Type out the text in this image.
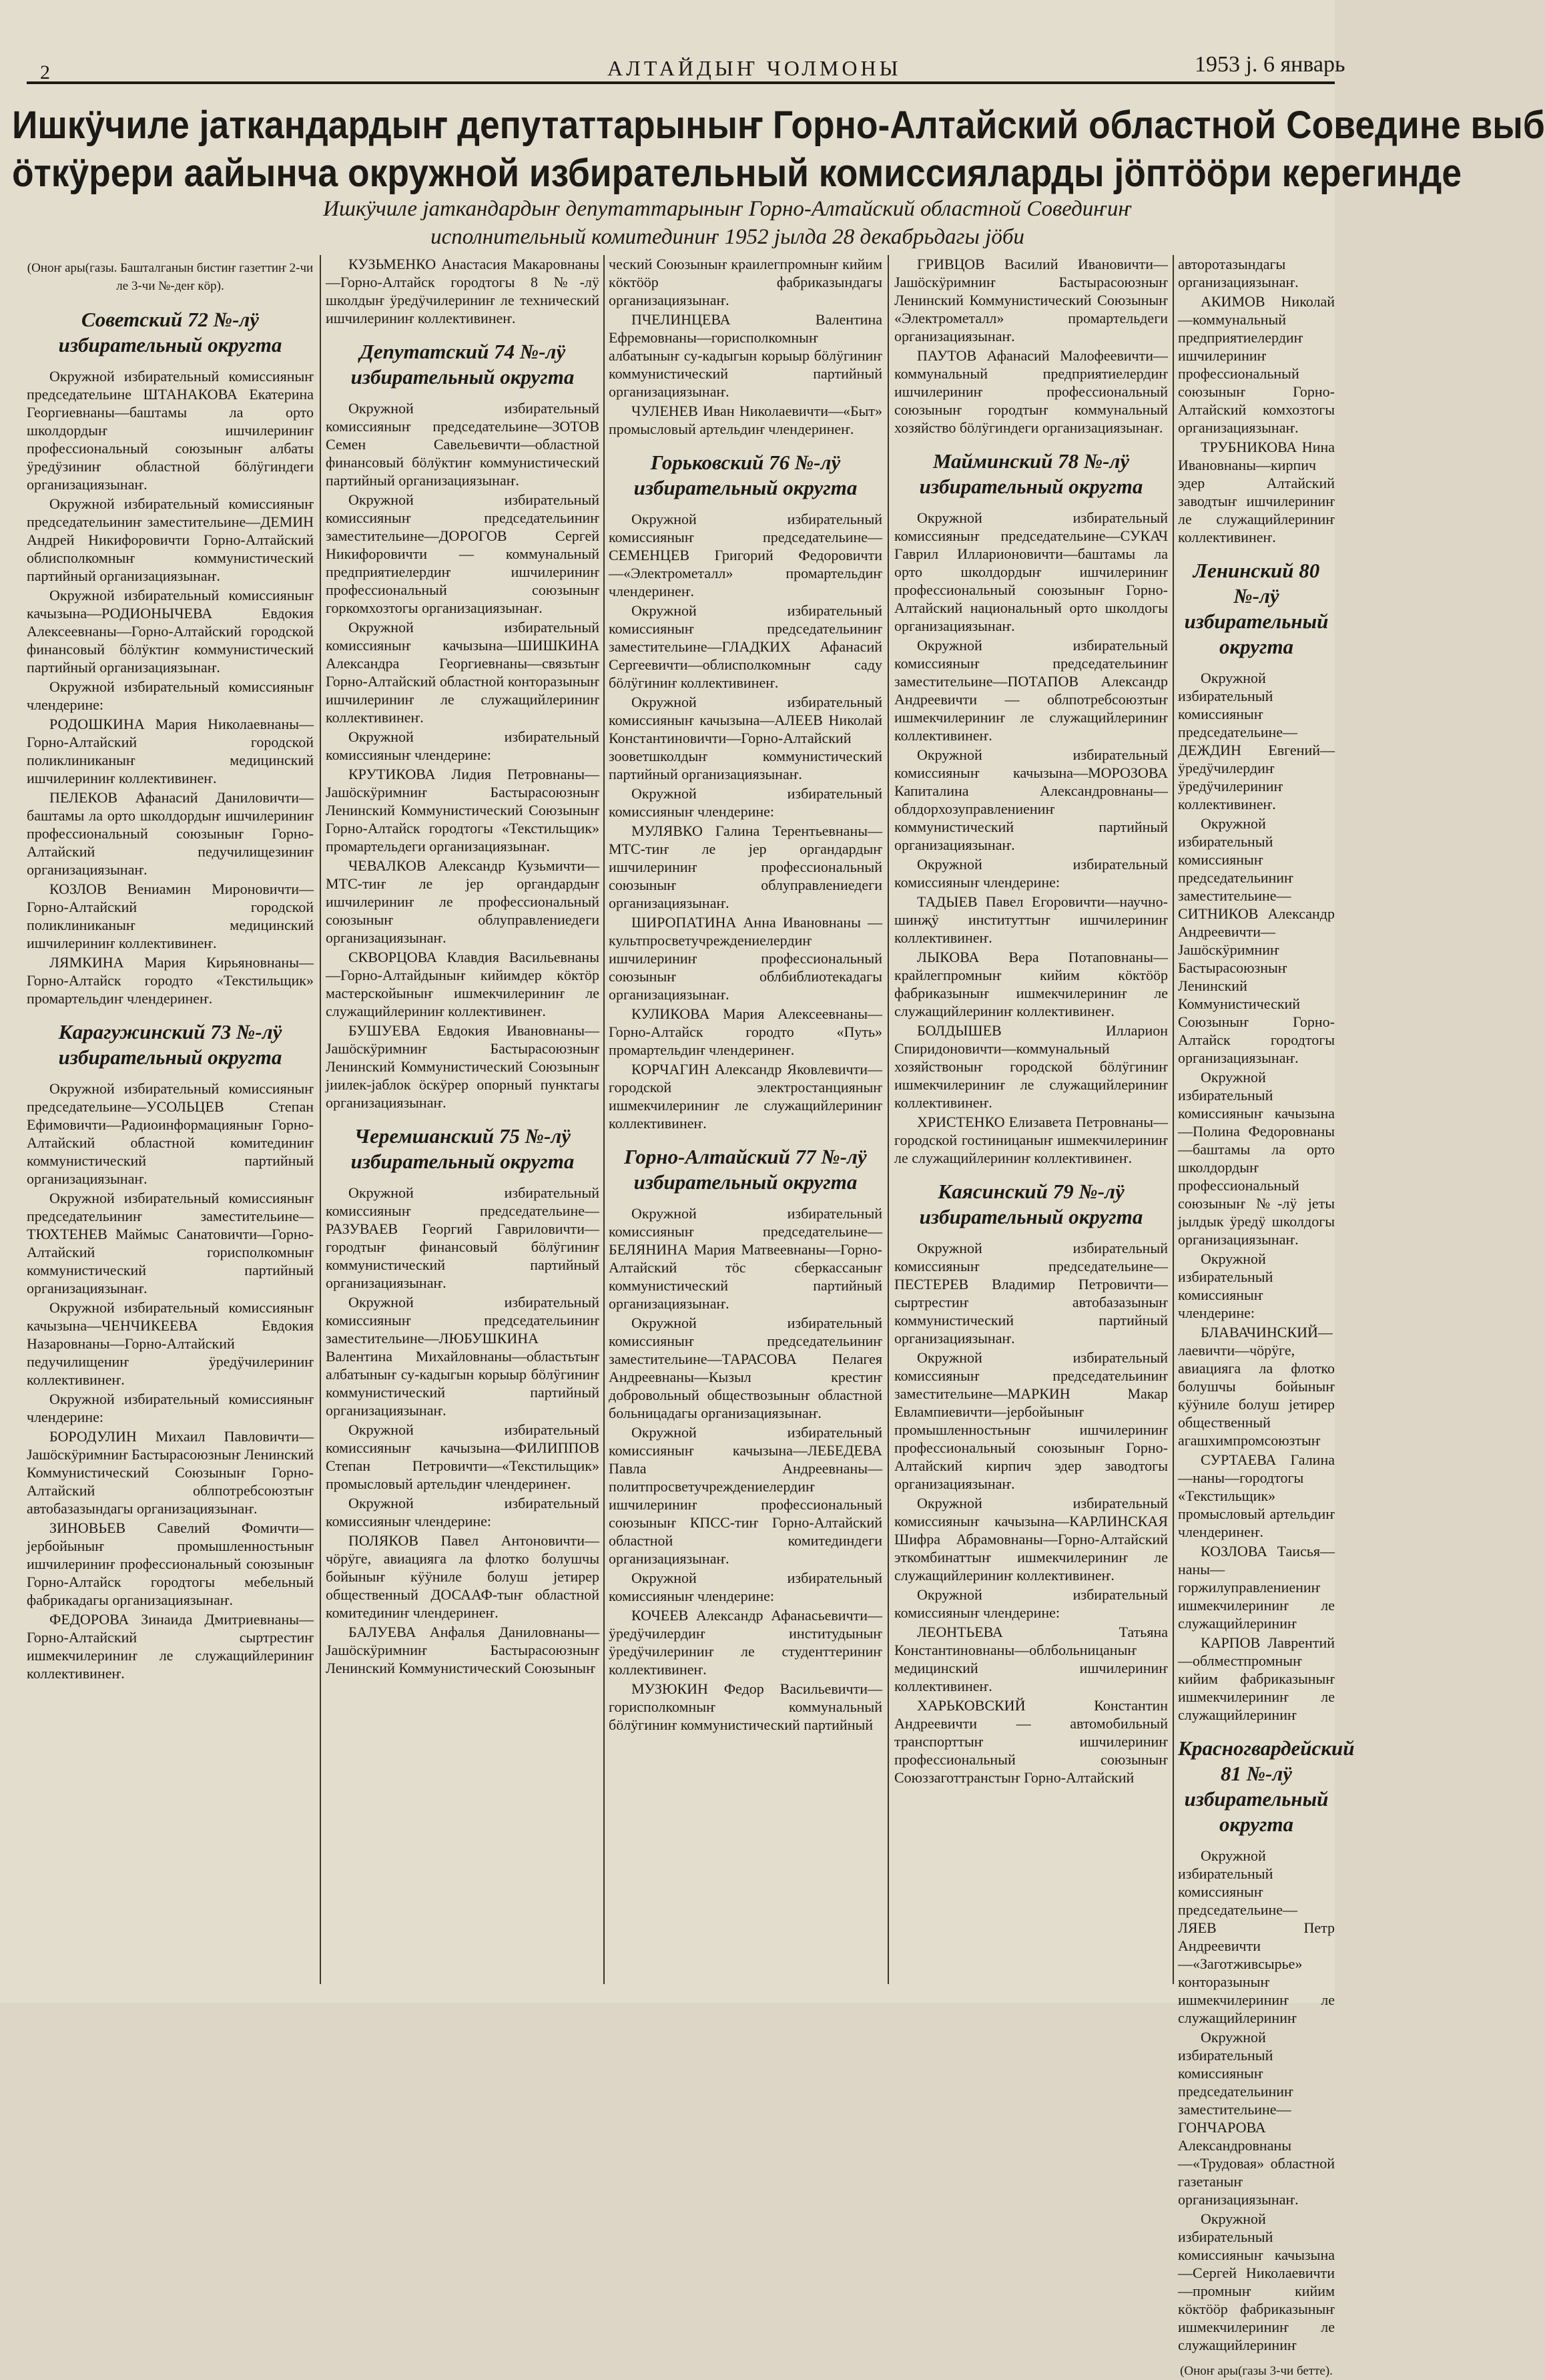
2	АЛТАЙДЫҤ ЧОЛМОНЫ	1953 ј. 6 январь
Ишкӱчиле јаткандардыҥ депутаттарыныҥ Горно-Алтайский областной Соведине выб
ӧткӱрери аайынча окружной избирательный комиссияларды јӧптӧӧри керегинде
Ишкӱчиле јаткандардыҥ депутаттарыныҥ Горно-Алтайский областной Соведиҥиҥ
исполнительный комитединиҥ 1952 јылда 28 декабрьдагы јӧби
(Оноҥ ары(газы. Башталганын бистиҥ газеттиҥ 2-чи ле 3-чи №-деҥ кӧр).
Советский 72 №-лӱ избирательный округта

Окружной избирательный комиссияныҥ председательине ШТАНАКОВА Екатерина Георгиевнаны—баштамы ла орто школдордыҥ ишчилериниҥ профессиональный союзыныҥ албаты ӱредӱзиниҥ областной бӧлӱгиндеги организациязынаҥ.

Окружной избирательный комиссияныҥ председательиниҥ заместительине—ДЕМИН Андрей Никифоровичти Горно-Алтайский облисполкомныҥ коммунистический партийный организациязынаҥ.

Окружной избирательный комиссияныҥ качызына—РОДИОНЫЧЕВА Евдокия Алексеевнаны—Горно-Алтайский городской финансовый бӧлӱктиҥ коммунистический партийный организациязынаҥ.

Окружной избирательный комиссияныҥ члендерине:

РОДОШКИНА Мария Николаевнаны—Горно-Алтайский городской поликлиниканыҥ медицинский ишчилериниҥ коллективинеҥ.

ПЕЛЕКОВ Афанасий Даниловичти—баштамы ла орто школдордыҥ ишчилериниҥ профессиональный союзыныҥ Горно-Алтайский педучилищезиниҥ организациязынаҥ.

КОЗЛОВ Вениамин Мироновичти—Горно-Алтайский городской поликлиниканыҥ медицинский ишчилериниҥ коллективинеҥ.

ЛЯМКИНА Мария Кирьяновнаны—Горно-Алтайск городто «Текстильщик» промартельдиҥ члендеринеҥ.

Карагужинский 73 №-лӱ избирательный округта

Окружной избирательный комиссияныҥ председательине—УСОЛЬЦЕВ Степан Ефимовичти—Радиоинформацияныҥ Горно-Алтайский областной комитединиҥ коммунистический партийный организациязынаҥ.

Окружной избирательный комиссияныҥ председательиниҥ заместительине—ТЮХТЕНЕВ Маймыс Санатовичти—Горно-Алтайский горисполкомныҥ коммунистический партийный организациязынаҥ.

Окружной избирательный комиссияныҥ качызына—ЧЕНЧИКЕЕВА Евдокия Назаровнаны—Горно-Алтайский педучилищениҥ ӱредӱчилериниҥ коллективинеҥ.

Окружной избирательный комиссияныҥ члендерине:

БОРОДУЛИН Михаил Павловичти—Јашӧскӱримниҥ Бастырасоюзныҥ Ленинский Коммунистический Союзыныҥ Горно-Алтайский облпотребсоюзтыҥ автобазазындагы организациязынаҥ.

ЗИНОВЬЕВ Савелий Фомичти—јербойыныҥ промышленностьныҥ ишчилериниҥ профессиональный союзыныҥ Горно-Алтайск городтогы мебельный фабрикадагы организациязынаҥ.

ФЕДОРОВА Зинаида Дмитриевнаны—Горно-Алтайский сыртрестиҥ ишмекчилериниҥ ле служащийлериниҥ коллективинеҥ.

КУЗЬМЕНКО Анастасия Макаровнаны—Горно-Алтайск городтогы 8 №-лӱ школдыҥ ӱредӱчилериниҥ ле технический ишчилериниҥ коллективинеҥ.

Депутатский 74 №-лӱ избирательный округта

Окружной избирательный комиссияныҥ председательине—ЗОТОВ Семен Савельевичти—областной финансовый бӧлӱктиҥ коммунистический партийный организациязынаҥ.

Окружной избирательный комиссияныҥ председательиниҥ заместительине—ДОРОГОВ Сергей Никифоровичти — коммунальный предприятиелердиҥ ишчилериниҥ профессиональный союзыныҥ горкомхозтогы организациязынаҥ.

Окружной избирательный комиссияныҥ качызына—ШИШКИНА Александра Георгиевнаны—связьтыҥ Горно-Алтайский областной конторазыныҥ ишчилериниҥ ле служащийлериниҥ коллективинеҥ.

Окружной избирательный комиссияныҥ члендерине:

КРУТИКОВА Лидия Петровнаны—Јашӧскӱримниҥ Бастырасоюзныҥ Ленинский Коммунистический Союзыныҥ Горно-Алтайск городтогы «Текстильщик» промартельдеги организациязынаҥ.

ЧЕВАЛКОВ Александр Кузьмичти—МТС-тиҥ ле јер органдардыҥ ишчилериниҥ ле профессиональный союзыныҥ облуправлениедеги организациязынаҥ.

СКВОРЦОВА Клавдия Васильевнаны—Горно-Алтайдыныҥ кийимдер кӧктӧр мастерскойыныҥ ишмекчилериниҥ ле служащийлериниҥ коллективинеҥ.

БУШУЕВА Евдокия Ивановнаны—Јашӧскӱримниҥ Бастырасоюзныҥ Ленинский Коммунистический Союзыныҥ јиилек-јаблок ӧскӱрер опорный пунктагы организациязынаҥ.

Черемшанский 75 №-лӱ избирательный округта

Окружной избирательный комиссияныҥ председательине—РАЗУВАЕВ Георгий Гавриловичти—городтыҥ финансовый бӧлӱгиниҥ коммунистический партийный организациязынаҥ.

Окружной избирательный комиссияныҥ председательиниҥ заместительине—ЛЮБУШКИНА Валентина Михайловнаны—областьтыҥ албатыныҥ су-кадыгын корыыр бӧлӱгиниҥ коммунистический партийный организациязынаҥ.

Окружной избирательный комиссияныҥ качызына—ФИЛИППОВ Степан Петровичти—«Текстильщик» промысловый артельдиҥ члендеринеҥ.

Окружной избирательный комиссияныҥ члендерине:

ПОЛЯКОВ Павел Антоновичти—чӧрӱге, авиацияга ла флотко болушчы бойыныҥ кӱӱниле болуш јетирер общественный ДОСААФ-тыҥ областной комитединиҥ члендеринеҥ.

БАЛУЕВА Анфалья Даниловнаны—Јашӧскӱримниҥ Бастырасоюзныҥ Ленинский Коммунистический Союзыныҥ

ческий Союзыныҥ краилегпромныҥ кийим кӧктӧӧр фабриказындагы организациязынаҥ.

ПЧЕЛИНЦЕВА Валентина Ефремовнаны—горисполкомныҥ албатыныҥ су-кадыгын корыыр бӧлӱгиниҥ коммунистический партийный организациязынаҥ.

ЧУЛЕНЕВ Иван Николаевичти—«Быт» промысловый артельдиҥ члендеринеҥ.

Горьковский 76 №-лӱ избирательный округта

Окружной избирательный комиссияныҥ председательине—СЕМЕНЦЕВ Григорий Федоровичти—«Электрометалл» промартельдиҥ члендеринеҥ.

Окружной избирательный комиссияныҥ председательиниҥ заместительине—ГЛАДКИХ Афанасий Сергеевичти—облисполкомныҥ саду бӧлӱгиниҥ коллективинеҥ.

Окружной избирательный комиссияныҥ качызына—АЛЕЕВ Николай Константиновичти—Горно-Алтайский зооветшколдыҥ коммунистический партийный организациязынаҥ.

Окружной избирательный комиссияныҥ члендерине:

МУЛЯВКО Галина Терентьевнаны—МТС-тиҥ ле јер органдардыҥ ишчилериниҥ профессиональный союзыныҥ облуправлениедеги организациязынаҥ.

ШИРОПАТИНА Анна Ивановнаны — культпросветучреждениелердиҥ ишчилериниҥ профессиональный союзыныҥ облбиблиотекадагы организациязынаҥ.

КУЛИКОВА Мария Алексеевнаны—Горно-Алтайск городто «Путь» промартельдиҥ члендеринеҥ.

КОРЧАГИН Александр Яковлевичти—городской электростанцияныҥ ишмекчилериниҥ ле служащийлериниҥ коллективинеҥ.

Горно-Алтайский 77 №-лӱ избирательный округта

Окружной избирательный комиссияныҥ председательине—БЕЛЯНИНА Мария Матвеевнаны—Горно-Алтайский тӧс сберкассаныҥ коммунистический партийный организациязынаҥ.

Окружной избирательный комиссияныҥ председательиниҥ заместительине—ТАРАСОВА Пелагея Андреевнаны—Кызыл крестиҥ добровольный обществозыныҥ областной больницадагы организациязынаҥ.

Окружной избирательный комиссияныҥ качызына—ЛЕБЕДЕВА Павла Андреевнаны—политпросветучреждениелердиҥ ишчилериниҥ профессиональный союзыныҥ КПСС-тиҥ Горно-Алтайский областной комитединдеги организациязынаҥ.

Окружной избирательный комиссияныҥ члендерине:

КОЧЕЕВ Александр Афанасьевичти—ӱредӱчилердиҥ институдыныҥ ӱредӱчилериниҥ ле студенттериниҥ коллективинеҥ.

МУЗЮКИН Федор Васильевичти—горисполкомныҥ коммунальный бӧлӱгиниҥ коммунистический партийный

ГРИВЦОВ Василий Ивановичти—Јашӧскӱримниҥ Бастырасоюзныҥ Ленинский Коммунистический Союзыныҥ «Электрометалл» промартельдеги организациязынаҥ.

ПАУТОВ Афанасий Малофеевичти—коммунальный предприятиелердиҥ ишчилериниҥ профессиональный союзыныҥ городтыҥ коммунальный хозяйство бӧлӱгиндеги организациязынаҥ.

Майминский 78 №-лӱ избирательный округта

Окружной избирательный комиссияныҥ председательине—СУКАЧ Гаврил Илларионовичти—баштамы ла орто школдордыҥ ишчилериниҥ профессиональный союзыныҥ Горно-Алтайский национальный орто школдогы организациязынаҥ.

Окружной избирательный комиссияныҥ председательиниҥ заместительине—ПОТАПОВ Александр Андреевичти — облпотребсоюзтыҥ ишмекчилериниҥ ле служащийлериниҥ коллективинеҥ.

Окружной избирательный комиссияныҥ качызына—МОРОЗОВА Капиталина Александровнаны—облдорхозуправлениениҥ коммунистический партийный организациязынаҥ.

Окружной избирательный комиссияныҥ члендерине:

ТАДЫЕВ Павел Егоровичти—научно-шинҗӱ институттыҥ ишчилериниҥ коллективинеҥ.

ЛЫКОВА Вера Потаповнаны—крайлегпромныҥ кийим кӧктӧӧр фабриказыныҥ ишмекчилериниҥ ле служащийлериниҥ коллективинеҥ.

БОЛДЫШЕВ Илларион Спиридоновичти—коммунальный хозяйствоныҥ городской бӧлӱгиниҥ ишмекчилериниҥ ле служащийлериниҥ коллективинеҥ.

ХРИСТЕНКО Елизавета Петровнаны—городской гостиницаныҥ ишмекчилериниҥ ле служащийлериниҥ коллективинеҥ.

Каясинский 79 №-лӱ избирательный округта

Окружной избирательный комиссияныҥ председательине—ПЕСТЕРЕВ Владимир Петровичти—сыртрестиҥ автобазазыныҥ коммунистический партийный организациязынаҥ.

Окружной избирательный комиссияныҥ председательиниҥ заместительине—МАРКИН Макар Евлампиевичти—јербойыныҥ промышленностьныҥ ишчилериниҥ профессиональный союзыныҥ Горно-Алтайский кирпич эдер заводтогы организациязынаҥ.

Окружной избирательный комиссияныҥ качызына—КАРЛИНСКАЯ Шифра Абрамовнаны—Горно-Алтайский эткомбинаттыҥ ишмекчилериниҥ ле служащийлериниҥ коллективинеҥ.

Окружной избирательный комиссияныҥ члендерине:

ЛЕОНТЬЕВА Татьяна Константиновнаны—облбольницаныҥ медицинский ишчилериниҥ коллективинеҥ.

ХАРЬКОВСКИЙ Константин Андреевичти — автомобильный транспорттыҥ ишчилериниҥ профессиональный союзыныҥ Союззаготтранстыҥ Горно-Алтайский

авторотазындагы организациязынаҥ.

АКИМОВ Николай—коммунальный предприятиелердиҥ ишчилериниҥ профессиональный союзыныҥ Горно-Алтайский комхозтогы организациязынаҥ.

ТРУБНИКОВА Нина Ивановнаны—кирпич эдер Алтайский заводтыҥ ишчилериниҥ ле служащийлериниҥ коллективинеҥ.

Ленинский 80 №-лӱ избирательный округта

Окружной избирательный комиссияныҥ председательине—ДЕЖДИН Евгений—ӱредӱчилердиҥ ӱредӱчилериниҥ коллективинеҥ.

Окружной избирательный комиссияныҥ председательиниҥ заместительине—СИТНИКОВ Александр Андреевичти—Јашӧскӱримниҥ Бастырасоюзныҥ Ленинский Коммунистический Союзыныҥ Горно-Алтайск городтогы организациязынаҥ.

Окружной избирательный комиссияныҥ качызына—Полина Федоровнаны—баштамы ла орто школдордыҥ профессиональный союзыныҥ №-лӱ јеты јылдык ӱредӱ школдогы организациязынаҥ.

Окружной избирательный комиссияныҥ члендерине:

БЛАВАЧИНСКИЙ—лаевичти—чӧрӱге, авиацияга ла флотко болушчы бойыныҥ кӱӱниле болуш јетирер общественный агашхимпромсоюзтыҥ

СУРТАЕВА Галина—наны—городтогы «Текстильщик» промысловый артельдиҥ члендеринеҥ.

КОЗЛОВА Таисья—наны—горжилуправлениениҥ ишмекчилериниҥ ле служащийлериниҥ

КАРПОВ Лаврентий—облместпромныҥ кийим фабриказыныҥ ишмекчилериниҥ ле служащийлериниҥ

Красногвардейский 81 №-лӱ избирательный округта

Окружной избирательный комиссияныҥ председательине—ЛЯЕВ Петр Андреевичти—«Заготживсырье» конторазыныҥ ишмекчилериниҥ ле служащийлериниҥ

Окружной избирательный комиссияныҥ председательиниҥ заместительине—ГОНЧАРОВА Александровнаны—«Трудовая» областной газетаныҥ организациязынаҥ.

Окружной избирательный комиссияныҥ качызына—Сергей Николаевичти—промныҥ кийим кӧктӧӧр фабриказыныҥ ишмекчилериниҥ ле служащийлериниҥ

(Оноҥ ары(газы 3-чи бетте).
